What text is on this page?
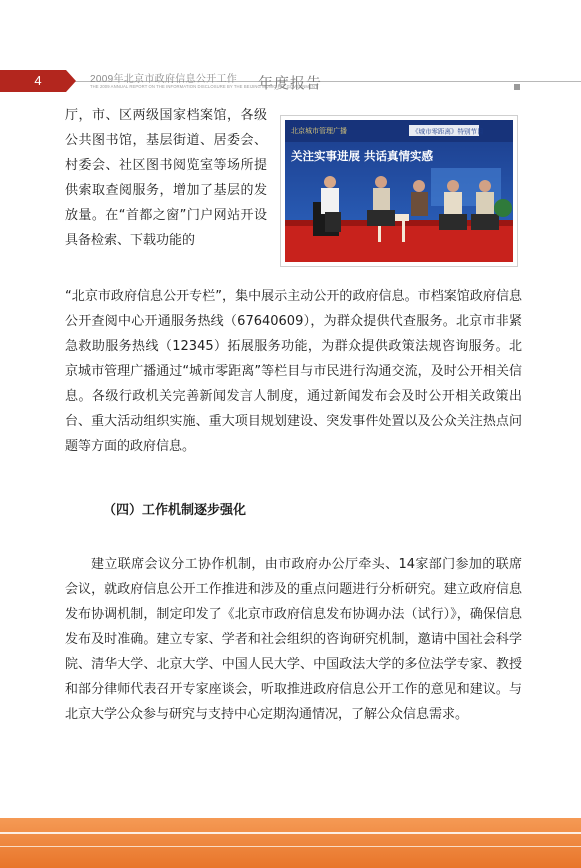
4	2009年北京市政府信息公开工作
THE 2009 ANNUAL REPORT ON THE INFORMATION DISCLOSURE BY THE BEIJING MUNICIPAL GOVERNMENT
年度报告
北京城市管理广播	《城市零距离》特别节目
关注实事进展 共话真情实感

厅，市、区两级国家档案馆，各级公共图书馆，基层街道、居委会、村委会、社区图书阅览室等场所提供索取查阅服务，增加了基层的发放量。在“首都之窗”门户网站开设具备检索、下载功能的

“北京市政府信息公开专栏”，集中展示主动公开的政府信息。市档案馆政府信息公开查阅中心开通服务热线（67640609），为群众提供代查服务。北京市非紧急救助服务热线（12345）拓展服务功能，为群众提供政策法规咨询服务。北京城市管理广播通过“城市零距离”等栏目与市民进行沟通交流，及时公开相关信息。各级行政机关完善新闻发言人制度，通过新闻发布会及时公开相关政策出台、重大活动组织实施、重大项目规划建设、突发事件处置以及公众关注热点问题等方面的政府信息。

（四）工作机制逐步强化

建立联席会议分工协作机制，由市政府办公厅牵头、14家部门参加的联席会议，就政府信息公开工作推进和涉及的重点问题进行分析研究。建立政府信息发布协调机制，制定印发了《北京市政府信息发布协调办法（试行）》，确保信息发布及时准确。建立专家、学者和社会组织的咨询研究机制，邀请中国社会科学院、清华大学、北京大学、中国人民大学、中国政法大学的多位法学专家、教授和部分律师代表召开专家座谈会，听取推进政府信息公开工作的意见和建议。与北京大学公众参与研究与支持中心定期沟通情况，了解公众信息需求。
